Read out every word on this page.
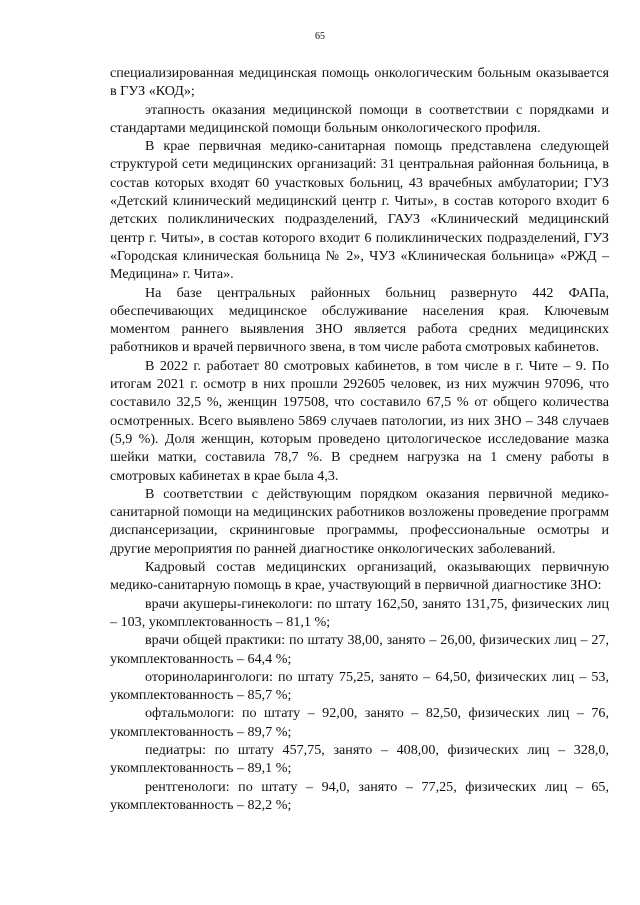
65

специализированная медицинская помощь онкологическим больным оказывается в ГУЗ «КОД»;

этапность оказания медицинской помощи в соответствии с порядками и стандартами медицинской помощи больным онкологического профиля.

В крае первичная медико-санитарная помощь представлена следующей структурой сети медицинских организаций: 31 центральная районная больница, в состав которых входят 60 участковых больниц, 43 врачебных амбулатории; ГУЗ «Детский клинический медицинский центр г. Читы», в состав которого входит 6 детских поликлинических подразделений, ГАУЗ «Клинический медицинский центр г. Читы», в состав которого входит 6 поликлинических подразделений, ГУЗ «Городская клиническая больница № 2», ЧУЗ «Клиническая больница» «РЖД – Медицина» г. Чита».

На базе центральных районных больниц развернуто 442 ФАПа, обеспечивающих медицинское обслуживание населения края. Ключевым моментом раннего выявления ЗНО является работа средних медицинских работников и врачей первичного звена, в том числе работа смотровых кабинетов.

В 2022 г. работает 80 смотровых кабинетов, в том числе в г. Чите – 9. По итогам 2021 г. осмотр в них прошли 292605 человек, из них мужчин 97096, что составило 32,5 %, женщин 197508, что составило 67,5 % от общего количества осмотренных. Всего выявлено 5869 случаев патологии, из них ЗНО – 348 случаев (5,9 %). Доля женщин, которым проведено цитологическое исследование мазка шейки матки, составила 78,7 %. В среднем нагрузка на 1 смену работы в смотровых кабинетах в крае была 4,3.

В соответствии с действующим порядком оказания первичной медико-санитарной помощи на медицинских работников возложены проведение программ диспансеризации, скрининговые программы, профессиональные осмотры и другие мероприятия по ранней диагностике онкологических заболеваний.

Кадровый состав медицинских организаций, оказывающих первичную медико-санитарную помощь в крае, участвующий в первичной диагностике ЗНО:

врачи акушеры-гинекологи: по штату 162,50, занято 131,75, физических лиц – 103, укомплектованность – 81,1 %;

врачи общей практики: по штату 38,00, занято – 26,00, физических лиц – 27, укомплектованность – 64,4 %;

оториноларингологи: по штату 75,25, занято – 64,50, физических лиц – 53, укомплектованность – 85,7 %;

офтальмологи: по штату – 92,00, занято – 82,50, физических лиц – 76, укомплектованность – 89,7 %;

педиатры: по штату 457,75, занято – 408,00, физических лиц – 328,0, укомплектованность – 89,1 %;

рентгенологи: по штату – 94,0, занято – 77,25, физических лиц – 65, укомплектованность – 82,2 %;
